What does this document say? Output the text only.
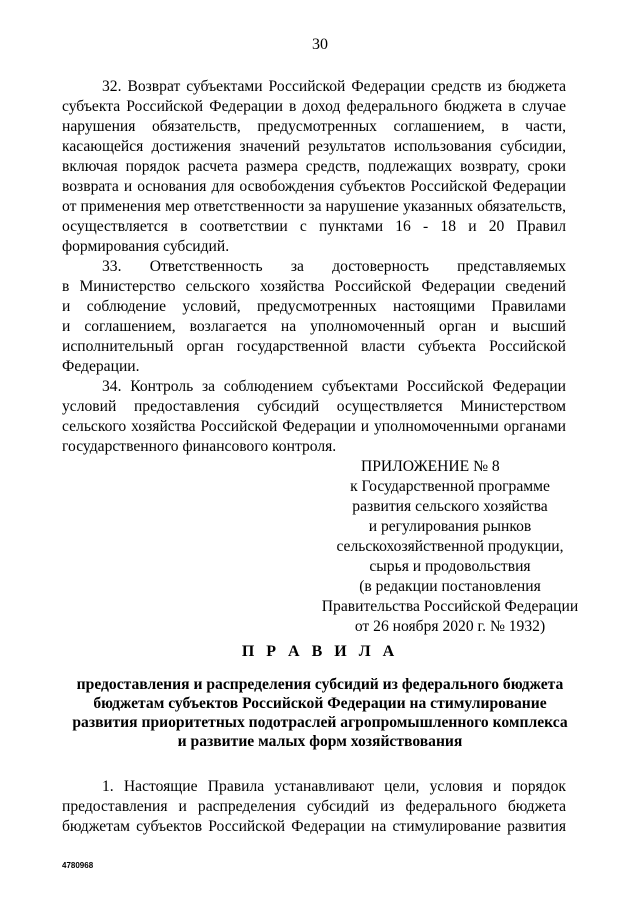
30
32. Возврат субъектами Российской Федерации средств из бюджета
субъекта Российской Федерации в доход федерального бюджета в случае
нарушения обязательств, предусмотренных соглашением, в части,
касающейся достижения значений результатов использования субсидии,
включая порядок расчета размера средств, подлежащих возврату, сроки
возврата и основания для освобождения субъектов Российской Федерации
от применения мер ответственности за нарушение указанных обязательств,
осуществляется в соответствии с пунктами 16 - 18 и 20 Правил
формирования субсидий.
33. Ответственность за достоверность представляемых
в Министерство сельского хозяйства Российской Федерации сведений
и соблюдение условий, предусмотренных настоящими Правилами
и соглашением, возлагается на уполномоченный орган и высший
исполнительный орган государственной власти субъекта Российской
Федерации.
34. Контроль за соблюдением субъектами Российской Федерации
условий предоставления субсидий осуществляется Министерством
сельского хозяйства Российской Федерации и уполномоченными органами
государственного финансового контроля.
ПРИЛОЖЕНИЕ № 8
к Государственной программе
развития сельского хозяйства
и регулирования рынков
сельскохозяйственной продукции,
сырья и продовольствия
(в редакции постановления
Правительства Российской Федерации
от 26 ноября 2020 г. № 1932)
П Р А В И Л А
предоставления и распределения субсидий из федерального бюджета
бюджетам субъектов Российской Федерации на стимулирование
развития приоритетных подотраслей агропромышленного комплекса
и развитие малых форм хозяйствования
1. Настоящие Правила устанавливают цели, условия и порядок
предоставления и распределения субсидий из федерального бюджета
бюджетам субъектов Российской Федерации на стимулирование развития
4780968
